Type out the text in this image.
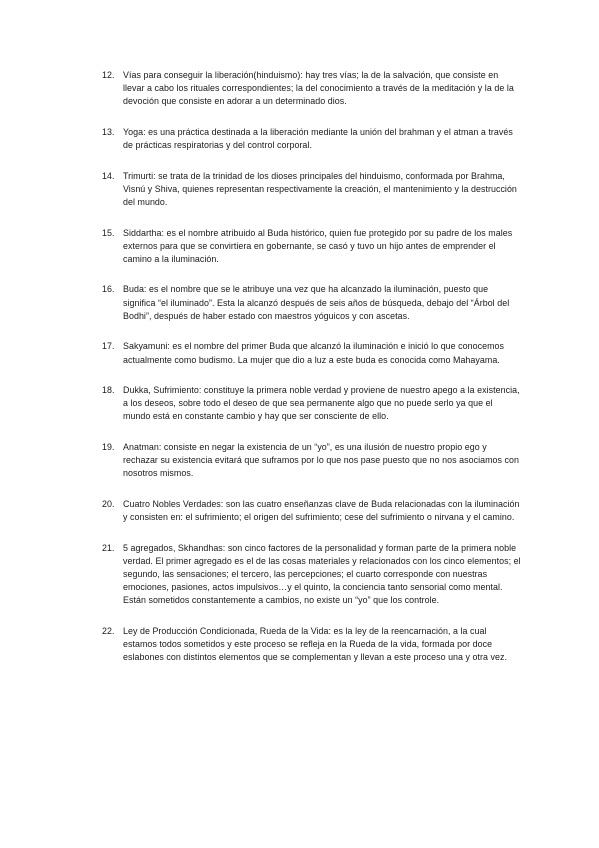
12. Vías para conseguir la liberación(hinduismo): hay tres vías; la de la salvación, que consiste en llevar a cabo los rituales correspondientes; la del conocimiento a través de la meditación y la de la devoción que consiste en adorar a un determinado dios.
13. Yoga: es una práctica destinada a la liberación mediante la unión del brahman y el atman a través de prácticas respiratorias y del control corporal.
14. Trimurti: se trata de la trinidad de los dioses principales del hinduismo, conformada por Brahma, Visnú y Shiva, quienes representan respectivamente la creación, el mantenimiento y la destrucción del mundo.
15. Siddartha: es el nombre atribuido al Buda histórico, quien fue protegido por su padre de los males externos para que se convirtiera en gobernante, se casó y tuvo un hijo antes de emprender el camino a la iluminación.
16. Buda: es el nombre que se le atribuye una vez que ha alcanzado la iluminación, puesto que significa “el iluminado”. Esta la alcanzó después de seis años de búsqueda, debajo del “Árbol del Bodhi”, después de haber estado con maestros yóguicos y con ascetas.
17. Sakyamuni: es el nombre del primer Buda que alcanzó la iluminación e inició lo que conocemos actualmente como budismo. La mujer que dio a luz a este buda es conocida como Mahayama.
18. Dukka, Sufrimiento: constituye la primera noble verdad y proviene de nuestro apego a la existencia, a los deseos, sobre todo el deseo de que sea permanente algo que no puede serlo ya que el mundo está en constante cambio y hay que ser consciente de ello.
19. Anatman: consiste en negar la existencia de un “yo”, es una ilusión de nuestro propio ego y rechazar su existencia evitará que suframos por lo que nos pase puesto que no nos asociamos con nosotros mismos.
20. Cuatro Nobles Verdades: son las cuatro enseñanzas clave de Buda relacionadas con la iluminación y consisten en: el sufrimiento; el origen del sufrimiento; cese del sufrimiento o nirvana y el camino.
21. 5 agregados, Skhandhas: son cinco factores de la personalidad y forman parte de la primera noble verdad. El primer agregado es el de las cosas materiales y relacionados con los cinco elementos; el segundo, las sensaciones; el tercero, las percepciones; el cuarto corresponde con nuestras emociones, pasiones, actos impulsivos…y el quinto, la conciencia tanto sensorial como mental. Están sometidos constantemente a cambios, no existe un “yo” que los controle.
22. Ley de Producción Condicionada, Rueda de la Vida: es la ley de la reencarnación, a la cual estamos todos sometidos y este proceso se refleja en la Rueda de la vida, formada por doce eslabones con distintos elementos que se complementan y llevan a este proceso una y otra vez.
